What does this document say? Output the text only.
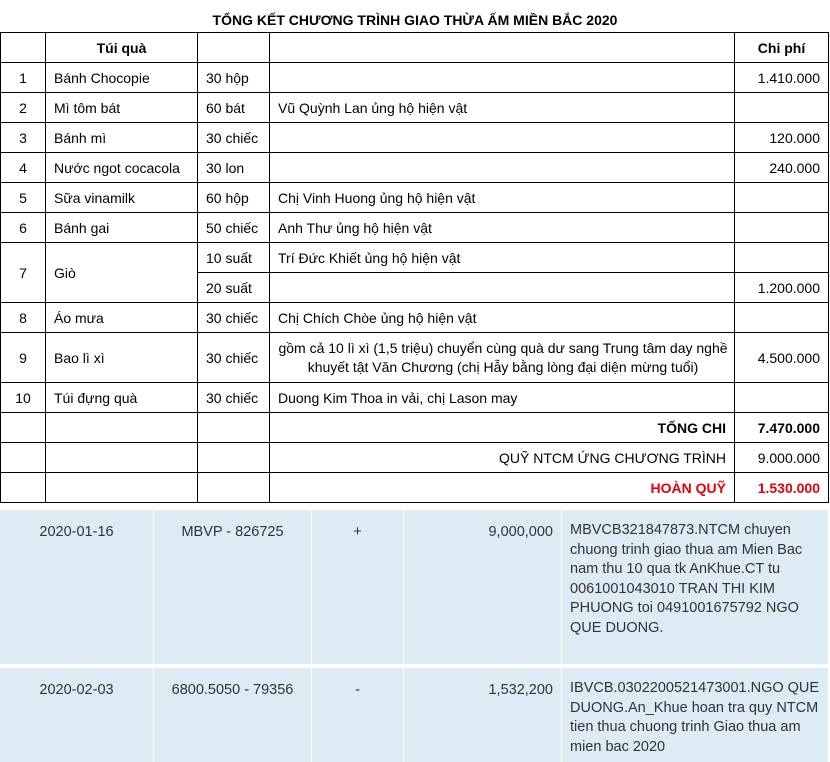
TỔNG KẾT CHƯƠNG TRÌNH GIAO THỪA ẤM MIỀN BẮC 2020
	Túi quà			Chi phí
1	Bánh Chocopie	30 hộp		1.410.000
2	Mì tôm bát	60 bát	Vũ Quỳnh Lan ủng hộ hiện vật	
3	Bánh mì	30 chiếc		120.000
4	Nước ngot cocacola	30 lon		240.000
5	Sữa vinamilk	60 hộp	Chị Vinh Huong ủng hộ hiện vật	
6	Bánh gai	50 chiếc	Anh Thư ủng hộ hiện vật	
7	Giò	10 suất	Trí Đức Khiết ủng hộ hiện vật	
		20 suất		1.200.000
8	Áo mưa	30 chiếc	Chị Chích Chòe ủng hộ hiện vật	
9	Bao lì xì	30 chiếc	gồm cả 10 lì xì (1,5 triệu) chuyển cùng quà dư sang Trung tâm day nghề khuyết tật Văn Chương (chị Hẫy bằng lòng đại diện mừng tuổi)	4.500.000
10	Túi đựng quà	30 chiếc	Duong Kim Thoa in vải, chị Lason may	
			TỔNG CHI	7.470.000
			QUỸ NTCM ỨNG CHƯƠNG TRÌNH	9.000.000
			HOÀN QUỸ	1.530.000
2020-01-16	MBVP - 826725	+	9,000,000	MBVCB321847873.NTCM chuyen chuong trinh giao thua am Mien Bac nam thu 10 qua tk AnKhue.CT tu 0061001043010 TRAN THI KIM PHUONG toi 0491001675792 NGO QUE DUONG.
2020-02-03	6800.5050 - 79356	-	1,532,200	IBVCB.0302200521473001.NGO QUE DUONG.An_Khue hoan tra quy NTCM tien thua chuong trinh Giao thua am mien bac 2020
